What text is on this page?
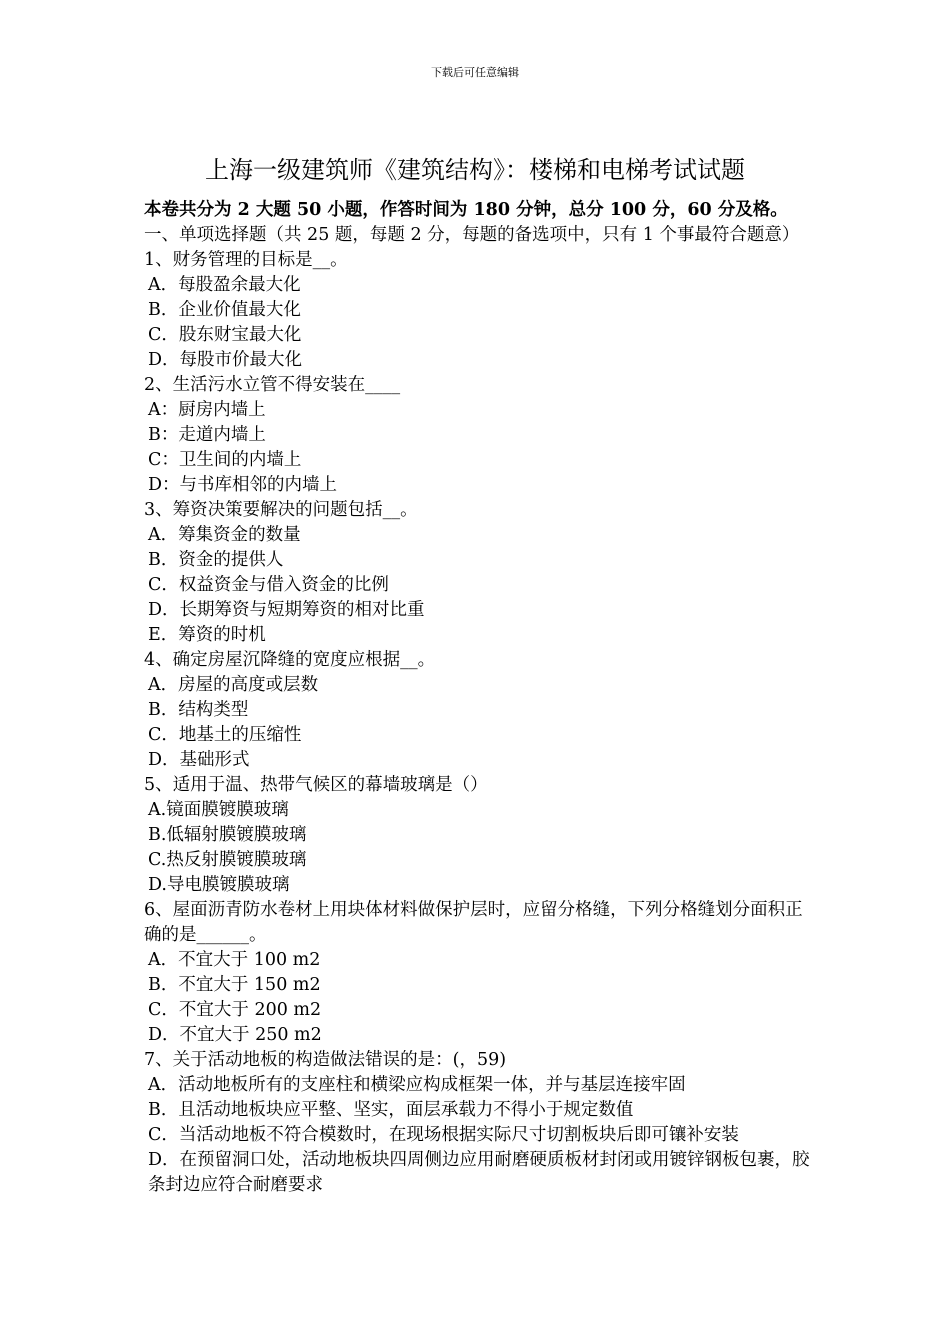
下载后可任意编辑
上海一级建筑师《建筑结构》：楼梯和电梯考试试题
本卷共分为 2 大题 50 小题，作答时间为 180 分钟，总分 100 分，60 分及格。
一、单项选择题（共 25 题，每题 2 分，每题的备选项中，只有 1 个事最符合题意）
1、财务管理的目标是__。
A．每股盈余最大化
B．企业价值最大化
C．股东财宝最大化
D．每股市价最大化
2、生活污水立管不得安装在____
A：厨房内墙上
B：走道内墙上
C：卫生间的内墙上
D：与书库相邻的内墙上
3、筹资决策要解决的问题包括__。
A．筹集资金的数量
B．资金的提供人
C．权益资金与借入资金的比例
D．长期筹资与短期筹资的相对比重
E．筹资的时机
4、确定房屋沉降缝的宽度应根据__。
A．房屋的高度或层数
B．结构类型
C．地基土的压缩性
D．基础形式
5、适用于温、热带气候区的幕墙玻璃是（）
A.镜面膜镀膜玻璃
B.低辐射膜镀膜玻璃
C.热反射膜镀膜玻璃
D.导电膜镀膜玻璃
6、屋面沥青防水卷材上用块体材料做保护层时，应留分格缝，下列分格缝划分面积正确的是______。
A．不宜大于 100 m2
B．不宜大于 150 m2
C．不宜大于 200 m2
D．不宜大于 250 m2
7、关于活动地板的构造做法错误的是：(，59)
A．活动地板所有的支座柱和横梁应构成框架一体，并与基层连接牢固
B．且活动地板块应平整、坚实，面层承载力不得小于规定数值
C．当活动地板不符合模数时，在现场根据实际尺寸切割板块后即可镶补安装
D．在预留洞口处，活动地板块四周侧边应用耐磨硬质板材封闭或用镀锌钢板包裹，胶条封边应符合耐磨要求
